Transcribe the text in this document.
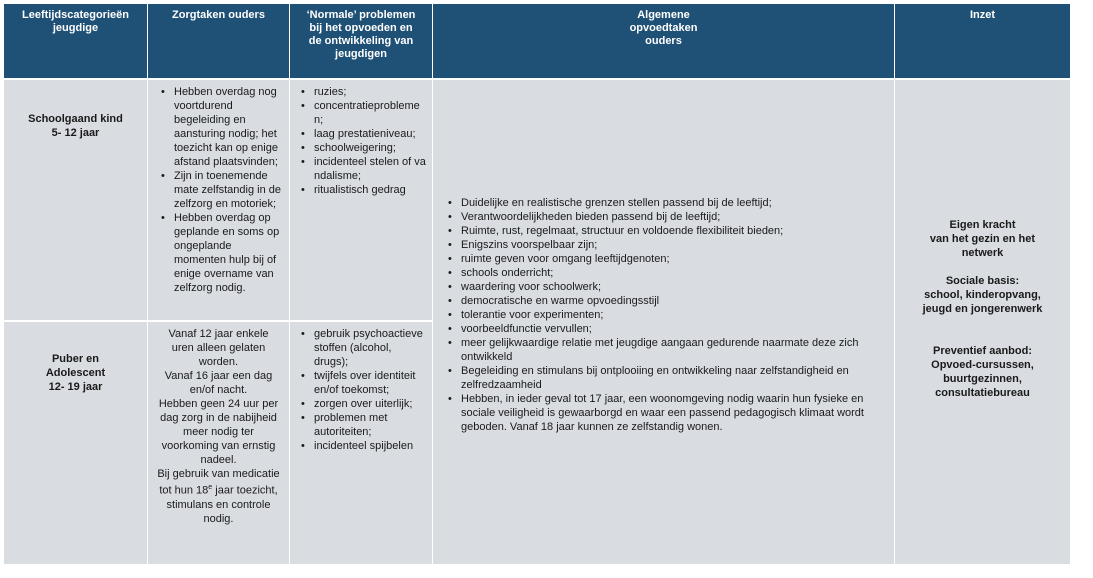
Leeftijdscategorieën
jeugdige
Zorgtaken ouders	‘Normale’ problemen
bij het opvoeden en
de ontwikkeling van
jeugdigen
Algemene
opvoedtaken
ouders
Inzet
Schoolgaand kind
5- 12 jaar
• Hebben overdag nog voortdurend begeleiding en aansturing nodig; het toezicht kan op enige afstand plaatsvinden;
• Zijn in toenemende mate zelfstandig in de zelfzorg en motoriek;
• Hebben overdag op geplande en soms op ongeplande momenten hulp bij of enige overname van zelfzorg nodig.
• ruzies;
• concentratieproblemen;
• laag prestatieniveau;
• schoolweigering;
• incidenteel stelen of vandalisme;
• ritualistisch gedrag
Puber en
Adolescent
12- 19 jaar
Vanaf 12 jaar enkele uren alleen gelaten worden.
Vanaf 16 jaar een dag en/of nacht.
Hebben geen 24 uur per dag zorg in de nabijheid meer nodig ter voorkoming van ernstig nadeel.
Bij gebruik van medicatie tot hun 18e jaar toezicht, stimulans en controle nodig.
• gebruik psychoactieve stoffen (alcohol, drugs);
• twijfels over identiteit en/of toekomst;
• zorgen over uiterlijk;
• problemen met autoriteiten;
• incidenteel spijbelen
• Duidelijke en realistische grenzen stellen passend bij de leeftijd;
• Verantwoordelijkheden bieden passend bij de leeftijd;
• Ruimte, rust, regelmaat, structuur en voldoende flexibiliteit bieden;
• Enigszins voorspelbaar zijn;
• ruimte geven voor omgang leeftijdgenoten;
• schools onderricht;
• waardering voor schoolwerk;
• democratische en warme opvoedingsstijl
• tolerantie voor experimenten;
• voorbeeldfunctie vervullen;
• meer gelijkwaardige relatie met jeugdige aangaan gedurende naarmate deze zich ontwikkeld
• Begeleiding en stimulans bij ontplooiing en ontwikkeling naar zelfstandigheid en zelfredzaamheid
• Hebben, in ieder geval tot 17 jaar, een woonomgeving nodig waarin hun fysieke en sociale veiligheid is gewaarborgd en waar een passend pedagogisch klimaat wordt geboden. Vanaf 18 jaar kunnen ze zelfstandig wonen.
Eigen kracht
van het gezin en het
netwerk
Sociale basis:
school, kinderopvang,
jeugd en jongerenwerk
Preventief aanbod:
Opvoed-cursussen,
buurtgezinnen,
consultatiebureau
